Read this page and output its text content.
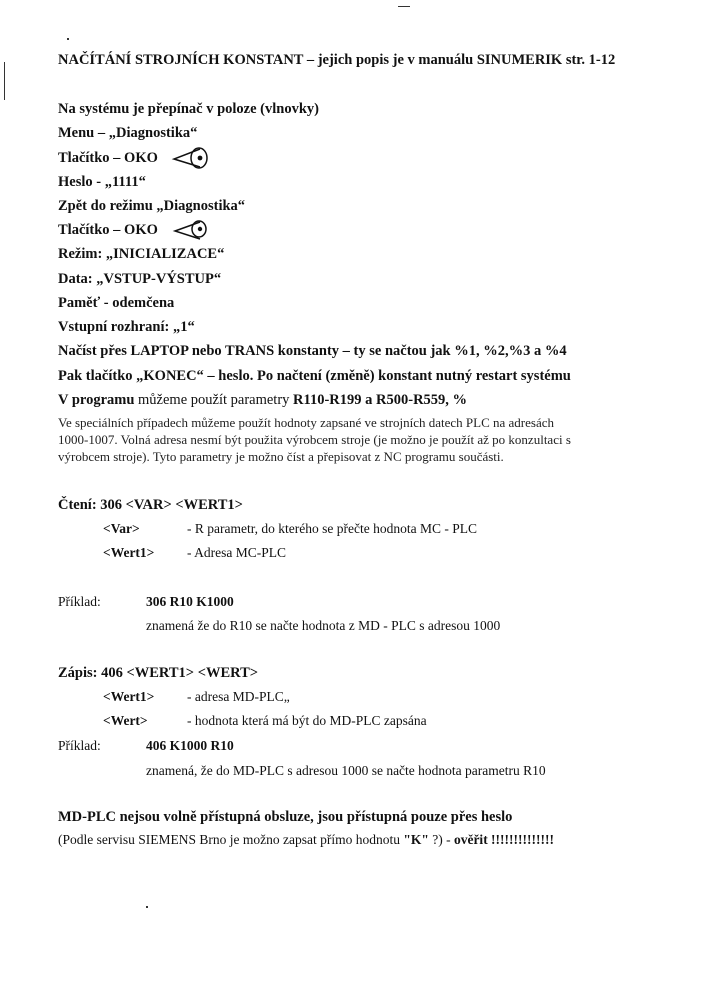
NAČÍTÁNÍ STROJNÍCH KONSTANT – jejich popis je v manuálu SINUMERIK str. 1-12
Na systému je přepínač v poloze (vlnovky)
Menu – „Diagnostika“
Tlačítko – OKO
Heslo - „1111“
Zpět do režimu „Diagnostika“
Tlačítko – OKO
Režim: „INICIALIZACE“
Data: „VSTUP-VÝSTUP“
Paměť - odemčena
Vstupní rozhraní: „1“
Načíst přes LAPTOP nebo TRANS konstanty – ty se načtou jak %1, %2,%3 a %4
Pak tlačítko „KONEC“ – heslo. Po načtení (změně) konstant nutný restart systému
V programu můžeme použít parametry R110-R199 a R500-R559, %
Ve speciálních případech můžeme použít hodnoty zapsané ve strojních datech PLC na adresách
1000-1007. Volná adresa nesmí být použita výrobcem stroje (je možno je použít až po konzultaci s
výrobcem stroje). Tyto parametry je možno číst a přepisovat z NC programu součásti.
Čtení: 306 <VAR> <WERT1>
<Var>	- R parametr, do kterého se přečte hodnota MC - PLC
<Wert1> - Adresa MC-PLC
Příklad:	306 R10 K1000
znamená že do R10 se načte hodnota z MD - PLC s adresou 1000
Zápis: 406 <WERT1> <WERT>
<Wert1> - adresa MD-PLC„
<Wert>	- hodnota která má být do MD-PLC zapsána
Příklad:	406 K1000 R10
znamená, že do MD-PLC s adresou 1000 se načte hodnota parametru R10
MD-PLC nejsou volně přístupná obsluze, jsou přístupná pouze přes heslo
(Podle servisu SIEMENS Brno je možno zapsat přímo hodnotu "K" ?) - ověřit !!!!!!!!!!!!!!
